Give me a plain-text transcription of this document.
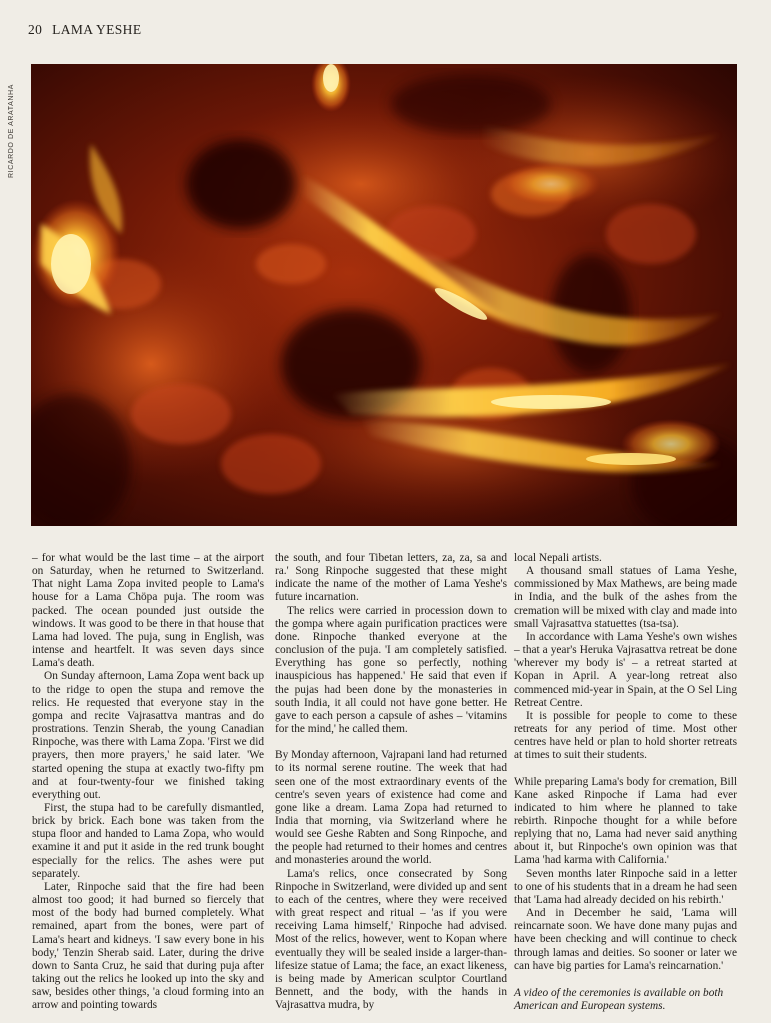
20 LAMA YESHE
RICARDO DE ARATANHA

– for what would be the last time – at the airport on Saturday, when he returned to Switzerland. That night Lama Zopa invited people to Lama's house for a Lama Chöpa puja. The room was packed. The ocean pounded just outside the windows. It was good to be there in that house that Lama had loved. The puja, sung in English, was intense and heartfelt. It was seven days since Lama's death.

On Sunday afternoon, Lama Zopa went back up to the ridge to open the stupa and remove the relics. He requested that everyone stay in the gompa and recite Vajrasattva mantras and do prostrations. Tenzin Sherab, the young Canadian Rinpoche, was there with Lama Zopa. 'First we did prayers, then more prayers,' he said later. 'We started opening the stupa at exactly two-fifty pm and at four-twenty-four we finished taking everything out.

First, the stupa had to be carefully dismantled, brick by brick. Each bone was taken from the stupa floor and handed to Lama Zopa, who would examine it and put it aside in the red trunk bought especially for the relics. The ashes were put separately.

Later, Rinpoche said that the fire had been almost too good; it had burned so fiercely that most of the body had burned completely. What remained, apart from the bones, were part of Lama's heart and kidneys. 'I saw every bone in his body,' Tenzin Sherab said. Later, during the drive down to Santa Cruz, he said that during puja after taking out the relics he looked up into the sky and saw, besides other things, 'a cloud forming into an arrow and pointing towards

the south, and four Tibetan letters, za, za, sa and ra.' Song Rinpoche suggested that these might indicate the name of the mother of Lama Yeshe's future incarnation.

The relics were carried in procession down to the gompa where again purification practices were done. Rinpoche thanked everyone at the conclusion of the puja. 'I am completely satisfied. Everything has gone so perfectly, nothing inauspicious has happened.' He said that even if the pujas had been done by the monasteries in south India, it all could not have gone better. He gave to each person a capsule of ashes – 'vitamins for the mind,' he called them.

By Monday afternoon, Vajrapani land had returned to its normal serene routine. The week that had seen one of the most extraordinary events of the centre's seven years of existence had come and gone like a dream. Lama Zopa had returned to India that morning, via Switzerland where he would see Geshe Rabten and Song Rinpoche, and the people had returned to their homes and centres and monasteries around the world.

Lama's relics, once consecrated by Song Rinpoche in Switzerland, were divided up and sent to each of the centres, where they were received with great respect and ritual – 'as if you were receiving Lama himself,' Rinpoche had advised. Most of the relics, however, went to Kopan where eventually they will be sealed inside a larger-than-lifesize statue of Lama; the face, an exact likeness, is being made by American sculptor Courtland Bennett, and the body, with the hands in Vajrasattva mudra, by

local Nepali artists.

A thousand small statues of Lama Yeshe, commissioned by Max Mathews, are being made in India, and the bulk of the ashes from the cremation will be mixed with clay and made into small Vajrasattva statuettes (tsa-tsa).

In accordance with Lama Yeshe's own wishes – that a year's Heruka Vajrasattva retreat be done 'wherever my body is' – a retreat started at Kopan in April. A year-long retreat also commenced mid-year in Spain, at the O Sel Ling Retreat Centre.

It is possible for people to come to these retreats for any period of time. Most other centres have held or plan to hold shorter retreats at times to suit their students.

While preparing Lama's body for cremation, Bill Kane asked Rinpoche if Lama had ever indicated to him where he planned to take rebirth. Rinpoche thought for a while before replying that no, Lama had never said anything about it, but Rinpoche's own opinion was that Lama 'had karma with California.'

Seven months later Rinpoche said in a letter to one of his students that in a dream he had seen that 'Lama had already decided on his rebirth.'

And in December he said, 'Lama will reincarnate soon. We have done many pujas and have been checking and will continue to check through lamas and deities. So sooner or later we can have big parties for Lama's reincarnation.'

A video of the ceremonies is available on both American and European systems.
